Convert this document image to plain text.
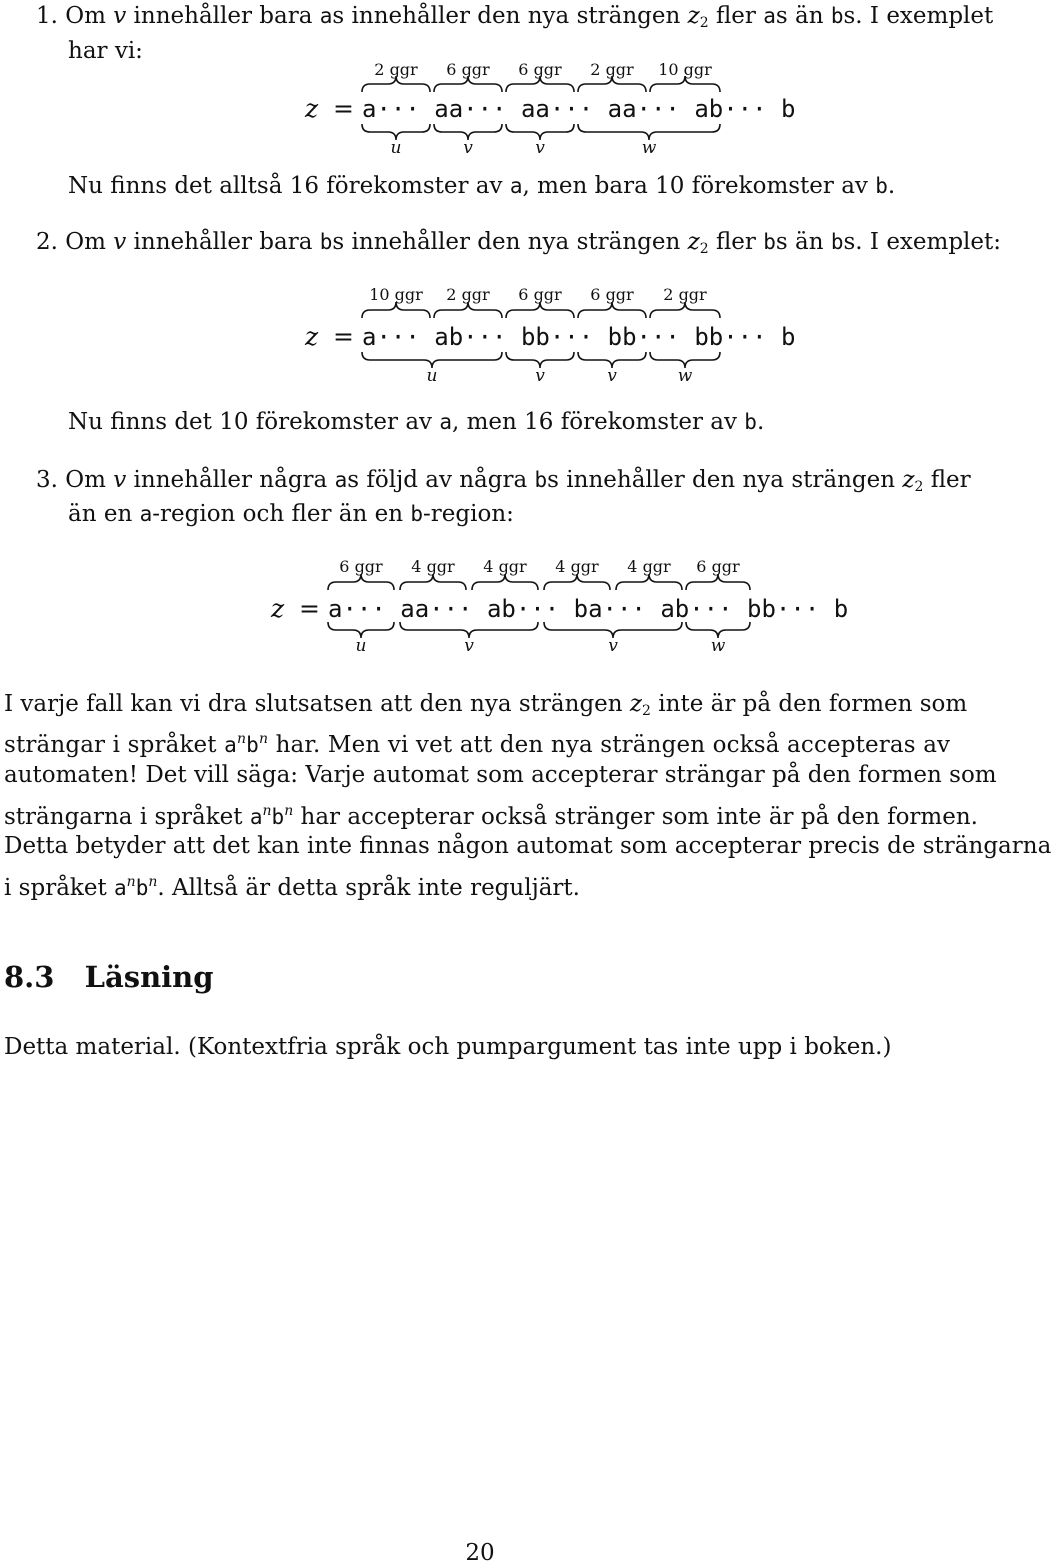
1. Om v innehåller bara as innehåller den nya strängen $z_2$ fler as än bs. I exemplet
har vi:
z = a··· aa··· aa··· aa··· ab··· b
2 ggr 6 ggr 6 ggr 2 ggr 10 ggr
u	v	v	w
Nu finns det alltså 16 förekomster av a, men bara 10 förekomster av b.
2. Om v innehåller bara bs innehåller den nya strängen $z_2$ fler bs än bs. I exemplet:
z = a··· ab··· bb··· bb··· bb··· b
10 ggr 2 ggr 6 ggr 6 ggr 2 ggr
u	v	v	w
Nu finns det 10 förekomster av a, men 16 förekomster av b.
3. Om v innehåller några as följd av några bs innehåller den nya strängen $z_2$ fler
än en a-region och fler än en b-region:
z = a··· aa··· ab··· ba··· ab··· bb··· b
6 ggr 4 ggr 4 ggr 4 ggr 4 ggr 6 ggr
u	v	v	w
I varje fall kan vi dra slutsatsen att den nya strängen $z_2$ inte är på den formen som
strängar i språket $a^nb^n$ har. Men vi vet att den nya strängen också accepteras av
automaten! Det vill säga: Varje automat som accepterar strängar på den formen som
strängarna i språket $a^nb^n$ har accepterar också stränger som inte är på den formen.
Detta betyder att det kan inte finnas någon automat som accepterar precis de strängarna
i språket $a^nb^n$. Alltså är detta språk inte reguljärt.
8.3 Läsning
Detta material. (Kontextfria språk och pumpargument tas inte upp i boken.)
20
